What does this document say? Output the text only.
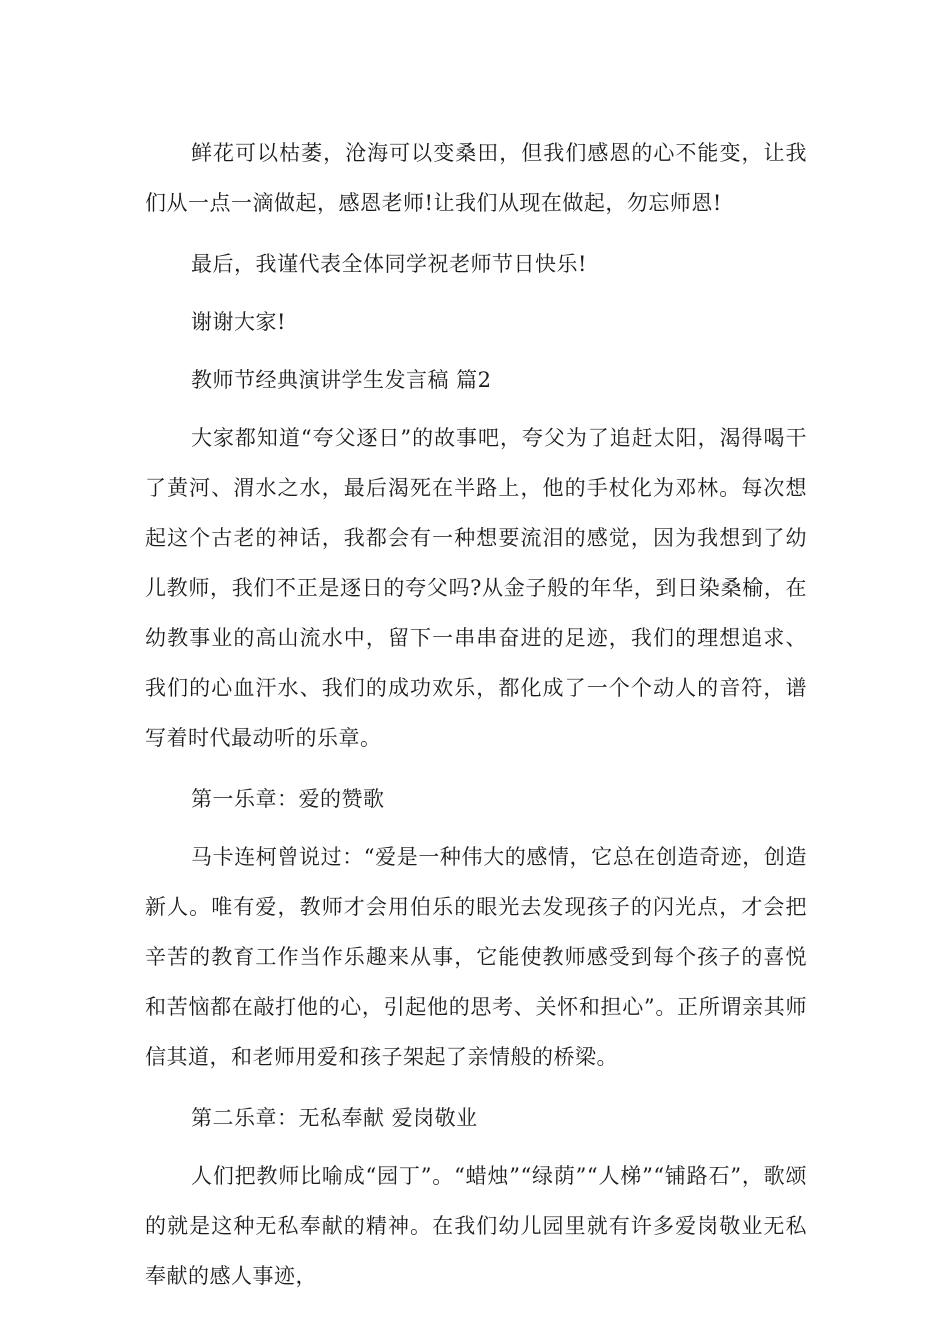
鲜花可以枯萎，沧海可以变桑田，但我们感恩的心不能变，让我们从一点一滴做起，感恩老师!让我们从现在做起，勿忘师恩!

最后，我谨代表全体同学祝老师节日快乐!

谢谢大家!

教师节经典演讲学生发言稿 篇2

大家都知道“夸父逐日”的故事吧，夸父为了追赶太阳，渴得喝干了黄河、渭水之水，最后渴死在半路上，他的手杖化为邓林。每次想起这个古老的神话，我都会有一种想要流泪的感觉，因为我想到了幼儿教师，我们不正是逐日的夸父吗?从金子般的年华，到日染桑榆，在幼教事业的高山流水中，留下一串串奋进的足迹，我们的理想追求、我们的心血汗水、我们的成功欢乐，都化成了一个个动人的音符，谱写着时代最动听的乐章。

第一乐章：爱的赞歌

马卡连柯曾说过：“爱是一种伟大的感情，它总在创造奇迹，创造新人。唯有爱，教师才会用伯乐的眼光去发现孩子的闪光点，才会把辛苦的教育工作当作乐趣来从事，它能使教师感受到每个孩子的喜悦和苦恼都在敲打他的心，引起他的思考、关怀和担心”。正所谓亲其师信其道，和老师用爱和孩子架起了亲情般的桥梁。

第二乐章：无私奉献 爱岗敬业

人们把教师比喻成“园丁”。“蜡烛”“绿荫”“人梯”“铺路石”，歌颂的就是这种无私奉献的精神。在我们幼儿园里就有许多爱岗敬业无私奉献的感人事迹，
